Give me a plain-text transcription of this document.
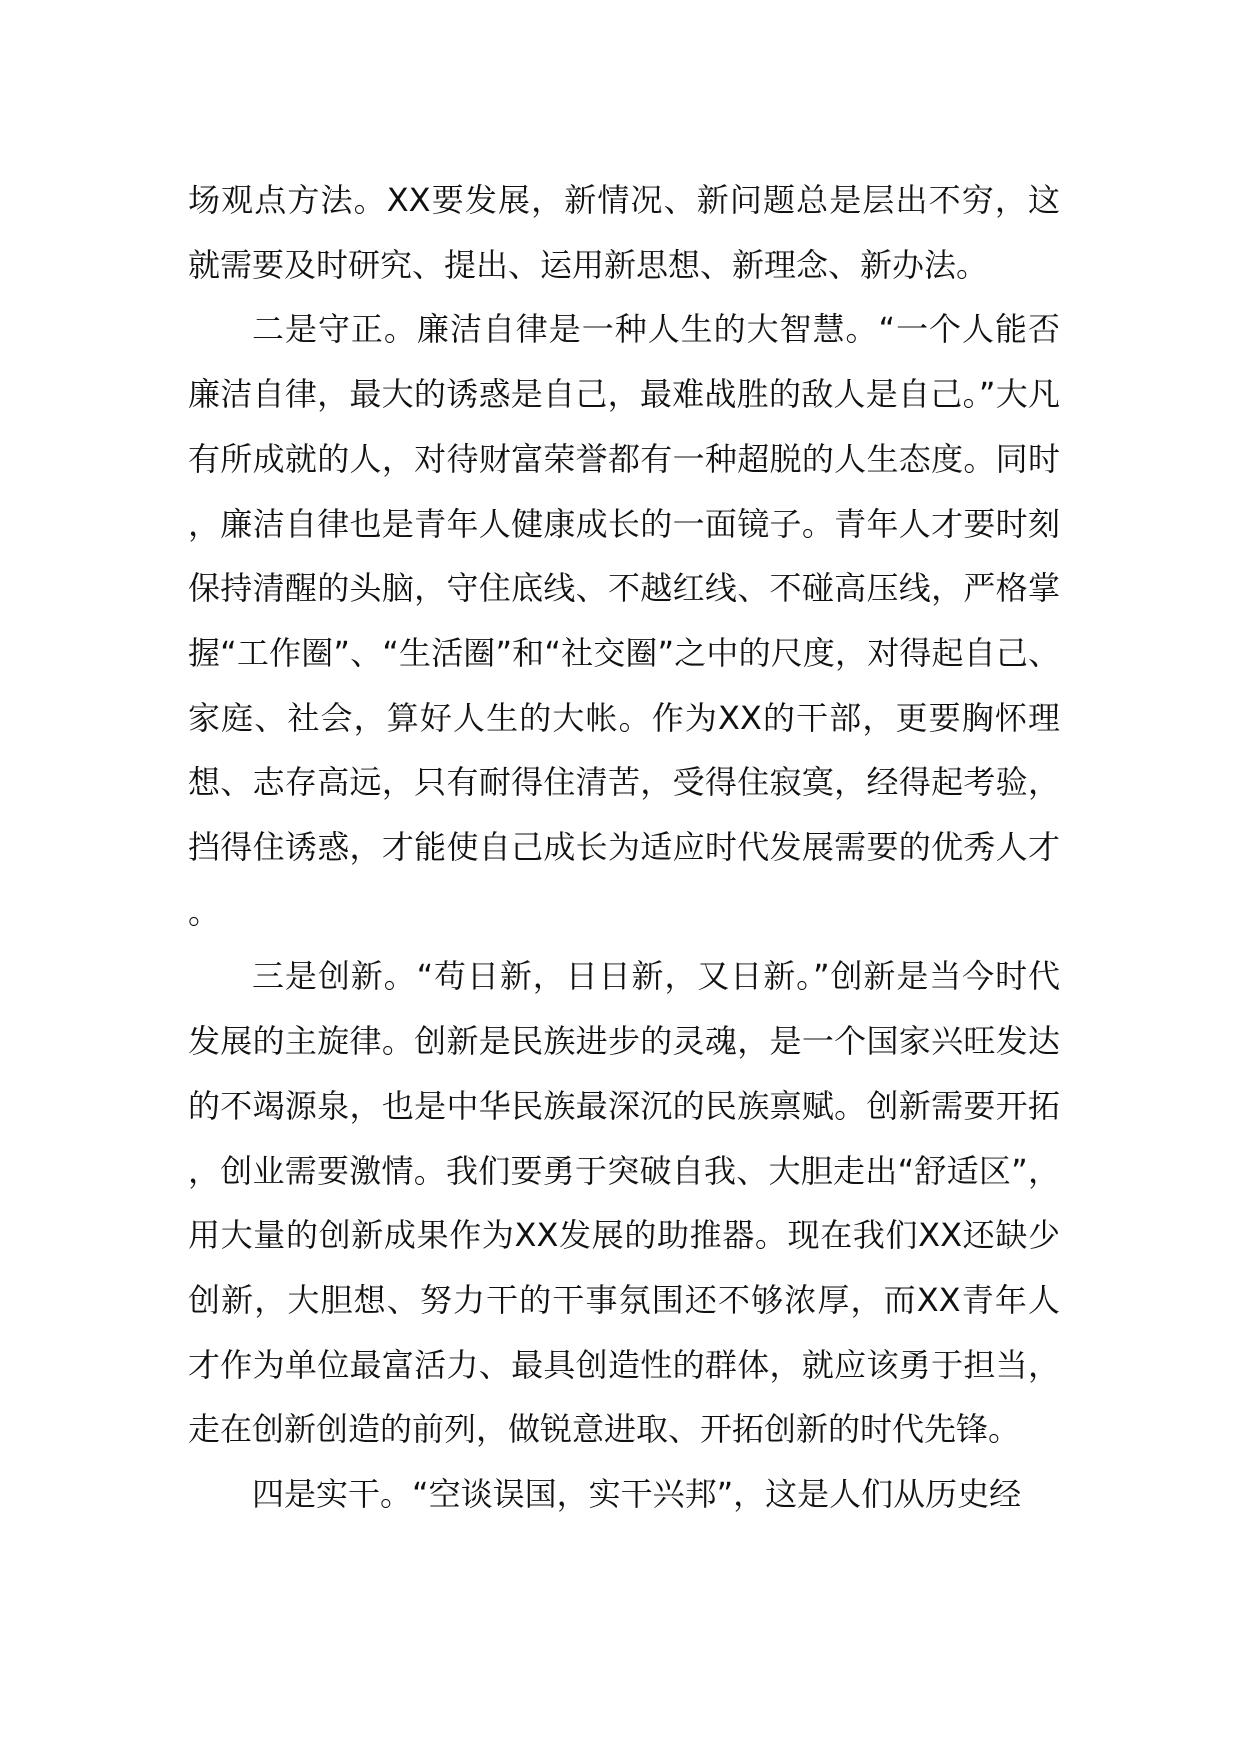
场观点方法。XX要发展，新情况、新问题总是层出不穷，这就需要及时研究、提出、运用新思想、新理念、新办法。

二是守正。廉洁自律是一种人生的大智慧。“一个人能否廉洁自律，最大的诱惑是自己，最难战胜的敌人是自己。”大凡有所成就的人，对待财富荣誉都有一种超脱的人生态度。同时，廉洁自律也是青年人健康成长的一面镜子。青年人才要时刻保持清醒的头脑，守住底线、不越红线、不碰高压线，严格掌握“工作圈”、“生活圈”和“社交圈”之中的尺度，对得起自己、家庭、社会，算好人生的大帐。作为XX的干部，更要胸怀理想、志存高远，只有耐得住清苦，受得住寂寞，经得起考验，挡得住诱惑，才能使自己成长为适应时代发展需要的优秀人才。

三是创新。“苟日新，日日新，又日新。”创新是当今时代发展的主旋律。创新是民族进步的灵魂，是一个国家兴旺发达的不竭源泉，也是中华民族最深沉的民族禀赋。创新需要开拓，创业需要激情。我们要勇于突破自我、大胆走出“舒适区”，用大量的创新成果作为XX发展的助推器。现在我们XX还缺少创新，大胆想、努力干的干事氛围还不够浓厚，而XX青年人才作为单位最富活力、最具创造性的群体，就应该勇于担当，走在创新创造的前列，做锐意进取、开拓创新的时代先锋。

四是实干。“空谈误国，实干兴邦”，这是人们从历史经
